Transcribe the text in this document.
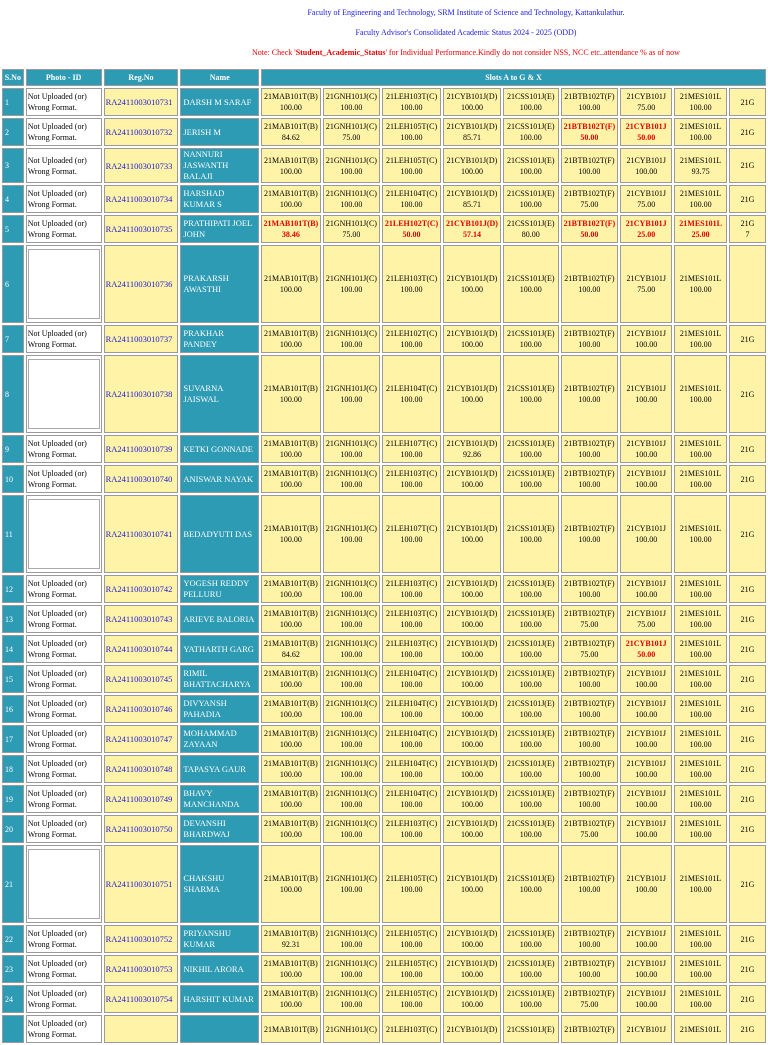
Faculty of Engineering and Technology, SRM Institute of Science and Technology, Kattankulathur.

Faculty Advisor's Consolidated Academic Status 2024 - 2025 (ODD)

Note: Check 'Student_Academic_Status' for Individual Performance.Kindly do not consider NSS, NCC etc..attendance % as of now

S.No	Photo - ID	Reg.No	Name	Slots A to G & X								
1	Not Uploaded (or) Wrong Format.	RA2411003010731	DARSH M SARAF	21MAB101T(B)
100.00	21GNH101J(C)
100.00	21LEH103T(C)
100.00	21CYB101J(D)
100.00	21CSS101J(E)
100.00	21BTB102T(F)
100.00	21CYB101J
75.00	21MES101L
100.00	21G

2	Not Uploaded (or) Wrong Format.	RA2411003010732	JERISH M	21MAB101T(B)
84.62	21GNH101J(C)
75.00	21LEH105T(C)
100.00	21CYB101J(D)
85.71	21CSS101J(E)
100.00	21BTB102T(F)
50.00	21CYB101J
50.00	21MES101L
100.00	21G

3	Not Uploaded (or) Wrong Format.	RA2411003010733	NANNURI JASWANTH BALAJI	21MAB101T(B)
100.00	21GNH101J(C)
100.00	21LEH105T(C)
100.00	21CYB101J(D)
100.00	21CSS101J(E)
100.00	21BTB102T(F)
100.00	21CYB101J
100.00	21MES101L
93.75	21G

4	Not Uploaded (or) Wrong Format.	RA2411003010734	HARSHAD KUMAR S	21MAB101T(B)
100.00	21GNH101J(C)
100.00	21LEH104T(C)
100.00	21CYB101J(D)
85.71	21CSS101J(E)
100.00	21BTB102T(F)
75.00	21CYB101J
75.00	21MES101L
100.00	21G

5	Not Uploaded (or) Wrong Format.	RA2411003010735	PRATHIPATI JOEL JOHN	21MAB101T(B)
38.46	21GNH101J(C)
75.00	21LEH102T(C)
50.00	21CYB101J(D)
57.14	21CSS101J(E)
80.00	21BTB102T(F)
50.00	21CYB101J
25.00	21MES101L
25.00	21G
7

6		RA2411003010736	PRAKARSH AWASTHI	21MAB101T(B)
100.00	21GNH101J(C)
100.00	21LEH103T(C)
100.00	21CYB101J(D)
100.00	21CSS101J(E)
100.00	21BTB102T(F)
100.00	21CYB101J
75.00	21MES101L
100.00	

7	Not Uploaded (or) Wrong Format.	RA2411003010737	PRAKHAR PANDEY	21MAB101T(B)
100.00	21GNH101J(C)
100.00	21LEH102T(C)
100.00	21CYB101J(D)
100.00	21CSS101J(E)
100.00	21BTB102T(F)
100.00	21CYB101J
100.00	21MES101L
100.00	21G

8		RA2411003010738	SUVARNA JAISWAL	21MAB101T(B)
100.00	21GNH101J(C)
100.00	21LEH104T(C)
100.00	21CYB101J(D)
100.00	21CSS101J(E)
100.00	21BTB102T(F)
100.00	21CYB101J
100.00	21MES101L
100.00	21G

9	Not Uploaded (or) Wrong Format.	RA2411003010739	KETKI GONNADE	21MAB101T(B)
100.00	21GNH101J(C)
100.00	21LEH107T(C)
100.00	21CYB101J(D)
92.86	21CSS101J(E)
100.00	21BTB102T(F)
100.00	21CYB101J
100.00	21MES101L
100.00	21G

10	Not Uploaded (or) Wrong Format.	RA2411003010740	ANISWAR NAYAK	21MAB101T(B)
100.00	21GNH101J(C)
100.00	21LEH103T(C)
100.00	21CYB101J(D)
100.00	21CSS101J(E)
100.00	21BTB102T(F)
100.00	21CYB101J
100.00	21MES101L
100.00	21G

11		RA2411003010741	BEDADYUTI DAS	21MAB101T(B)
100.00	21GNH101J(C)
100.00	21LEH107T(C)
100.00	21CYB101J(D)
100.00	21CSS101J(E)
100.00	21BTB102T(F)
100.00	21CYB101J
100.00	21MES101L
100.00	21G

12	Not Uploaded (or) Wrong Format.	RA2411003010742	YOGESH REDDY PELLURU	21MAB101T(B)
100.00	21GNH101J(C)
100.00	21LEH103T(C)
100.00	21CYB101J(D)
100.00	21CSS101J(E)
100.00	21BTB102T(F)
100.00	21CYB101J
100.00	21MES101L
100.00	21G

13	Not Uploaded (or) Wrong Format.	RA2411003010743	ARIEVE BALORIA	21MAB101T(B)
100.00	21GNH101J(C)
100.00	21LEH103T(C)
100.00	21CYB101J(D)
100.00	21CSS101J(E)
100.00	21BTB102T(F)
75.00	21CYB101J
75.00	21MES101L
100.00	21G

14	Not Uploaded (or) Wrong Format.	RA2411003010744	YATHARTH GARG	21MAB101T(B)
84.62	21GNH101J(C)
100.00	21LEH103T(C)
100.00	21CYB101J(D)
100.00	21CSS101J(E)
100.00	21BTB102T(F)
75.00	21CYB101J
50.00	21MES101L
100.00	21G

15	Not Uploaded (or) Wrong Format.	RA2411003010745	RIMIL BHATTACHARYA	21MAB101T(B)
100.00	21GNH101J(C)
100.00	21LEH104T(C)
100.00	21CYB101J(D)
100.00	21CSS101J(E)
100.00	21BTB102T(F)
100.00	21CYB101J
100.00	21MES101L
100.00	21G

16	Not Uploaded (or) Wrong Format.	RA2411003010746	DIVYANSH PAHADIA	21MAB101T(B)
100.00	21GNH101J(C)
100.00	21LEH104T(C)
100.00	21CYB101J(D)
100.00	21CSS101J(E)
100.00	21BTB102T(F)
100.00	21CYB101J
100.00	21MES101L
100.00	21G

17	Not Uploaded (or) Wrong Format.	RA2411003010747	MOHAMMAD ZAYAAN	21MAB101T(B)
100.00	21GNH101J(C)
100.00	21LEH104T(C)
100.00	21CYB101J(D)
100.00	21CSS101J(E)
100.00	21BTB102T(F)
100.00	21CYB101J
100.00	21MES101L
100.00	21G

18	Not Uploaded (or) Wrong Format.	RA2411003010748	TAPASYA GAUR	21MAB101T(B)
100.00	21GNH101J(C)
100.00	21LEH104T(C)
100.00	21CYB101J(D)
100.00	21CSS101J(E)
100.00	21BTB102T(F)
100.00	21CYB101J
100.00	21MES101L
100.00	21G

19	Not Uploaded (or) Wrong Format.	RA2411003010749	BHAVY MANCHANDA	21MAB101T(B)
100.00	21GNH101J(C)
100.00	21LEH104T(C)
100.00	21CYB101J(D)
100.00	21CSS101J(E)
100.00	21BTB102T(F)
100.00	21CYB101J
100.00	21MES101L
100.00	21G

20	Not Uploaded (or) Wrong Format.	RA2411003010750	DEVANSHI BHARDWAJ	21MAB101T(B)
100.00	21GNH101J(C)
100.00	21LEH103T(C)
100.00	21CYB101J(D)
100.00	21CSS101J(E)
100.00	21BTB102T(F)
75.00	21CYB101J
100.00	21MES101L
100.00	21G

21		RA2411003010751	CHAKSHU SHARMA	21MAB101T(B)
100.00	21GNH101J(C)
100.00	21LEH105T(C)
100.00	21CYB101J(D)
100.00	21CSS101J(E)
100.00	21BTB102T(F)
100.00	21CYB101J
100.00	21MES101L
100.00	21G

22	Not Uploaded (or) Wrong Format.	RA2411003010752	PRIYANSHU KUMAR	21MAB101T(B)
92.31	21GNH101J(C)
100.00	21LEH105T(C)
100.00	21CYB101J(D)
100.00	21CSS101J(E)
100.00	21BTB102T(F)
100.00	21CYB101J
100.00	21MES101L
100.00	21G

23	Not Uploaded (or) Wrong Format.	RA2411003010753	NIKHIL ARORA	21MAB101T(B)
100.00	21GNH101J(C)
100.00	21LEH105T(C)
100.00	21CYB101J(D)
100.00	21CSS101J(E)
100.00	21BTB102T(F)
100.00	21CYB101J
100.00	21MES101L
100.00	21G

24	Not Uploaded (or) Wrong Format.	RA2411003010754	HARSHIT KUMAR	21MAB101T(B)
100.00	21GNH101J(C)
100.00	21LEH105T(C)
100.00	21CYB101J(D)
100.00	21CSS101J(E)
100.00	21BTB102T(F)
75.00	21CYB101J
100.00	21MES101L
100.00	21G

	Not Uploaded (or) Wrong Format.			21MAB101T(B)	21GNH101J(C)	21LEH103T(C)	21CYB101J(D)	21CSS101J(E)	21BTB102T(F)	21CYB101J	21MES101L	21G
